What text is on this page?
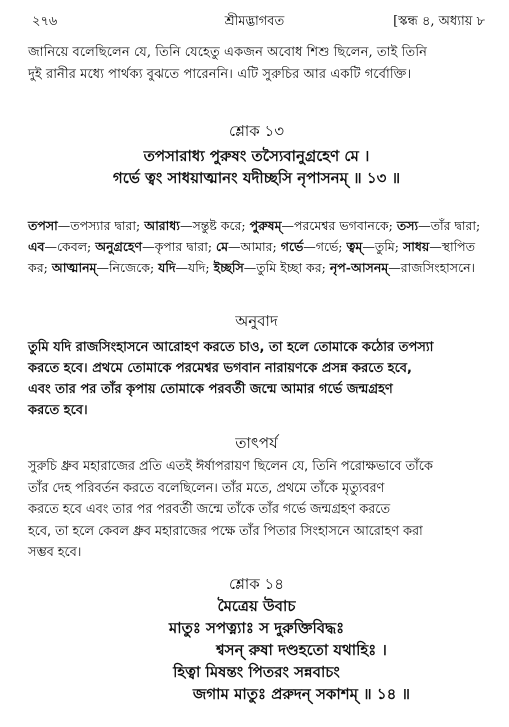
২৭৬	শ্রীমদ্ভাগবত	[স্কন্ধ ৪, অধ্যায় ৮
জানিয়ে বলেছিলেন যে, তিনি যেহেতু একজন অবোধ শিশু ছিলেন, তাই তিনি
দুই রানীর মধ্যে পার্থক্য বুঝতে পারেননি। এটি সুরুচির আর একটি গর্বোক্তি।
শ্লোক ১৩
তপসারাধ্য পুরুষং তস্যৈবানুগ্রহেণ মে ।
গর্ভে ত্বং সাধয়াত্মানং যদীচ্ছসি নৃপাসনম্ ॥ ১৩ ॥
তপসা—তপস্যার দ্বারা; আরাধ্য—সন্তুষ্ট করে; পুরুষম্—পরমেশ্বর ভগবানকে; তস্য—তাঁর দ্বারা; এব—কেবল; অনুগ্রহেণ—কৃপার দ্বারা; মে—আমার; গর্ভে—গর্ভে; ত্বম্—তুমি; সাধয়—স্থাপিত কর; আত্মানম্—নিজেকে; যদি—যদি; ইচ্ছসি—তুমি ইচ্ছা কর; নৃপ-আসনম্—রাজসিংহাসনে।
অনুবাদ
তুমি যদি রাজসিংহাসনে আরোহণ করতে চাও, তা হলে তোমাকে কঠোর তপস্যা
করতে হবে। প্রথমে তোমাকে পরমেশ্বর ভগবান নারায়ণকে প্রসন্ন করতে হবে,
এবং তার পর তাঁর কৃপায় তোমাকে পরবর্তী জন্মে আমার গর্ভে জন্মগ্রহণ
করতে হবে।
তাৎপর্য
সুরুচি ধ্রুব মহারাজের প্রতি এতই ঈর্ষাপরায়ণ ছিলেন যে, তিনি পরোক্ষভাবে তাঁকে
তাঁর দেহ পরিবর্তন করতে বলেছিলেন। তাঁর মতে, প্রথমে তাঁকে মৃত্যুবরণ
করতে হবে এবং তার পর পরবর্তী জন্মে তাঁকে তাঁর গর্ভে জন্মগ্রহণ করতে
হবে, তা হলে কেবল ধ্রুব মহারাজের পক্ষে তাঁর পিতার সিংহাসনে আরোহণ করা
সম্ভব হবে।
শ্লোক ১৪
মৈত্রেয় উবাচ
মাতুঃ সপত্ন্যাঃ স দুরুক্তিবিদ্ধঃ
শ্বসন্ রুষা দণ্ডহতো যথাহিঃ ।
হিত্বা মিষন্তং পিতরং সন্নবাচং
জগাম মাতুঃ প্ররুদন্ সকাশম্ ॥ ১৪ ॥
